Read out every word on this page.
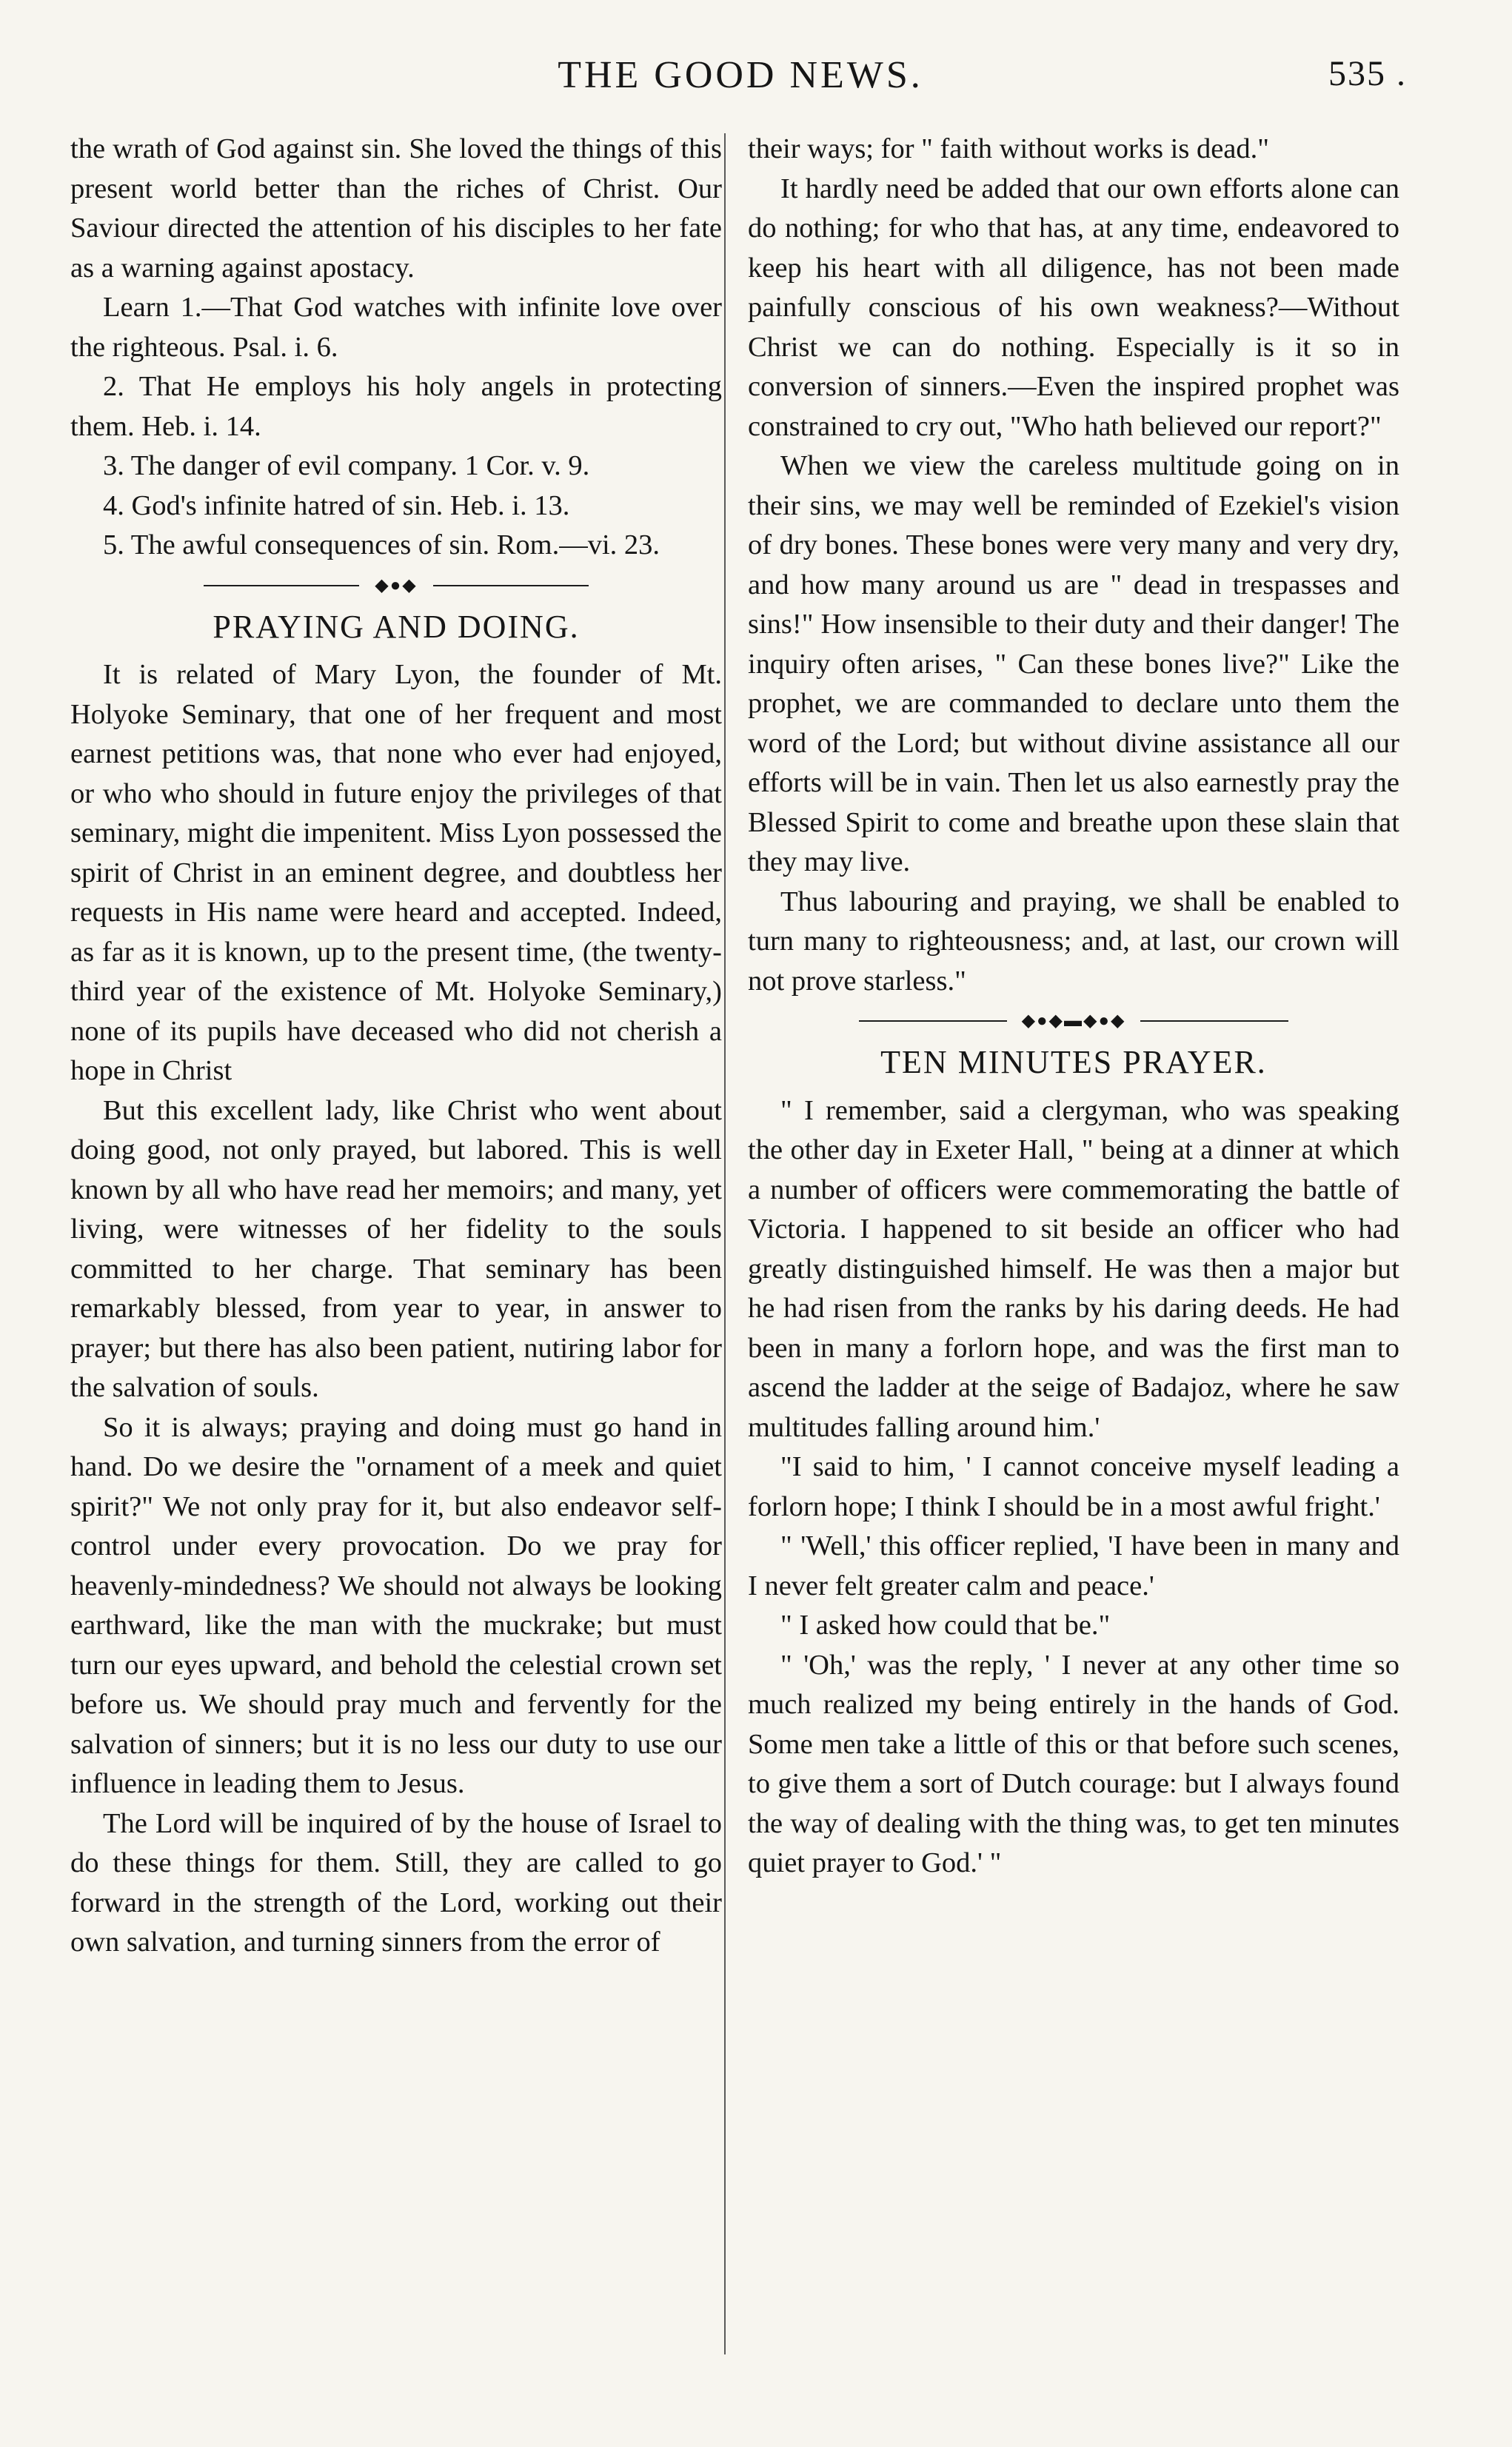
THE GOOD NEWS.	535 .

the wrath of God against sin. She loved the things of this present world better than the riches of Christ. Our Saviour directed the attention of his disciples to her fate as a warning against apostacy.

Learn 1.—That God watches with infinite love over the righteous. Psal. i. 6.

2. That He employs his holy angels in protecting them. Heb. i. 14.

3. The danger of evil company. 1 Cor. v. 9.

4. God's infinite hatred of sin. Heb. i. 13.

5. The awful consequences of sin. Rom.—vi. 23.

◆●◆
PRAYING AND DOING.

It is related of Mary Lyon, the founder of Mt. Holyoke Seminary, that one of her frequent and most earnest petitions was, that none who ever had enjoyed, or who who should in future enjoy the privileges of that seminary, might die impenitent. Miss Lyon possessed the spirit of Christ in an eminent degree, and doubtless her requests in His name were heard and accepted. Indeed, as far as it is known, up to the present time, (the twenty-third year of the existence of Mt. Holyoke Seminary,) none of its pupils have deceased who did not cherish a hope in Christ

But this excellent lady, like Christ who went about doing good, not only prayed, but labored. This is well known by all who have read her memoirs; and many, yet living, were witnesses of her fidelity to the souls committed to her charge. That seminary has been remarkably blessed, from year to year, in answer to prayer; but there has also been patient, nutiring labor for the salvation of souls.

So it is always; praying and doing must go hand in hand. Do we desire the "ornament of a meek and quiet spirit?" We not only pray for it, but also endeavor self-control under every provocation. Do we pray for heavenly-mindedness? We should not always be looking earthward, like the man with the muckrake; but must turn our eyes upward, and behold the celestial crown set before us. We should pray much and fervently for the salvation of sinners; but it is no less our duty to use our influence in leading them to Jesus.

The Lord will be inquired of by the house of Israel to do these things for them. Still, they are called to go forward in the strength of the Lord, working out their own salvation, and turning sinners from the error of

their ways; for " faith without works is dead."

It hardly need be added that our own efforts alone can do nothing; for who that has, at any time, endeavored to keep his heart with all diligence, has not been made painfully conscious of his own weakness?—Without Christ we can do nothing. Especially is it so in conversion of sinners.—Even the inspired prophet was constrained to cry out, "Who hath believed our report?"

When we view the careless multitude going on in their sins, we may well be reminded of Ezekiel's vision of dry bones. These bones were very many and very dry, and how many around us are " dead in trespasses and sins!" How insensible to their duty and their danger! The inquiry often arises, " Can these bones live?" Like the prophet, we are commanded to declare unto them the word of the Lord; but without divine assistance all our efforts will be in vain. Then let us also earnestly pray the Blessed Spirit to come and breathe upon these slain that they may live.

Thus labouring and praying, we shall be enabled to turn many to righteousness; and, at last, our crown will not prove starless."

◆●◆▬◆●◆
TEN MINUTES PRAYER.

" I remember, said a clergyman, who was speaking the other day in Exeter Hall, " being at a dinner at which a number of officers were commemorating the battle of Victoria. I happened to sit beside an officer who had greatly distinguished himself. He was then a major but he had risen from the ranks by his daring deeds. He had been in many a forlorn hope, and was the first man to ascend the ladder at the seige of Badajoz, where he saw multitudes falling around him.'

"I said to him, ' I cannot conceive myself leading a forlorn hope; I think I should be in a most awful fright.'

" 'Well,' this officer replied, 'I have been in many and I never felt greater calm and peace.'

" I asked how could that be."

" 'Oh,' was the reply, ' I never at any other time so much realized my being entirely in the hands of God. Some men take a little of this or that before such scenes, to give them a sort of Dutch courage: but I always found the way of dealing with the thing was, to get ten minutes quiet prayer to God.' "
